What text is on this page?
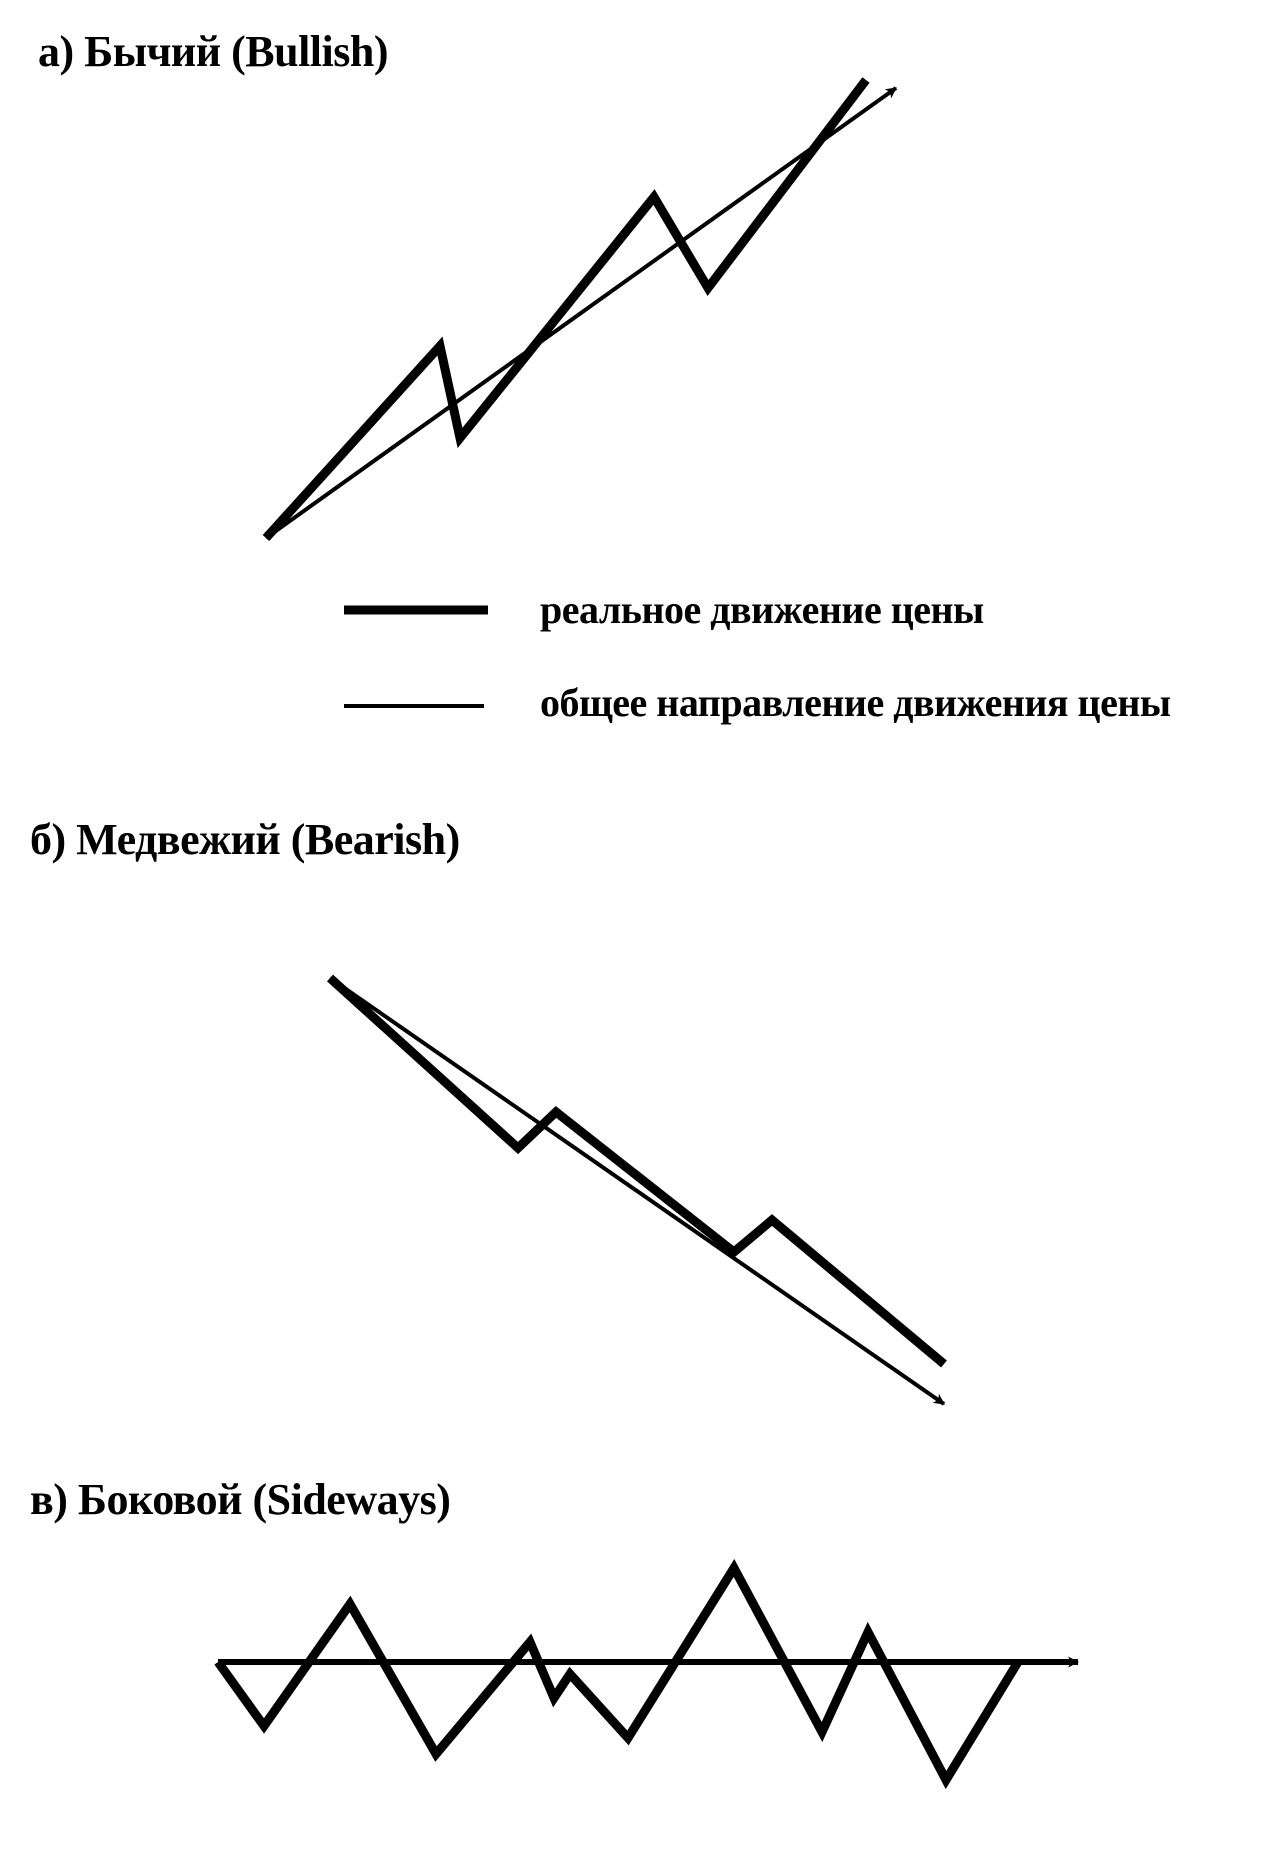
а) Бычий (Bullish)
б) Медвежий (Bearish)
в) Боковой (Sideways)
реальное движение цены
общее направление движения цены
